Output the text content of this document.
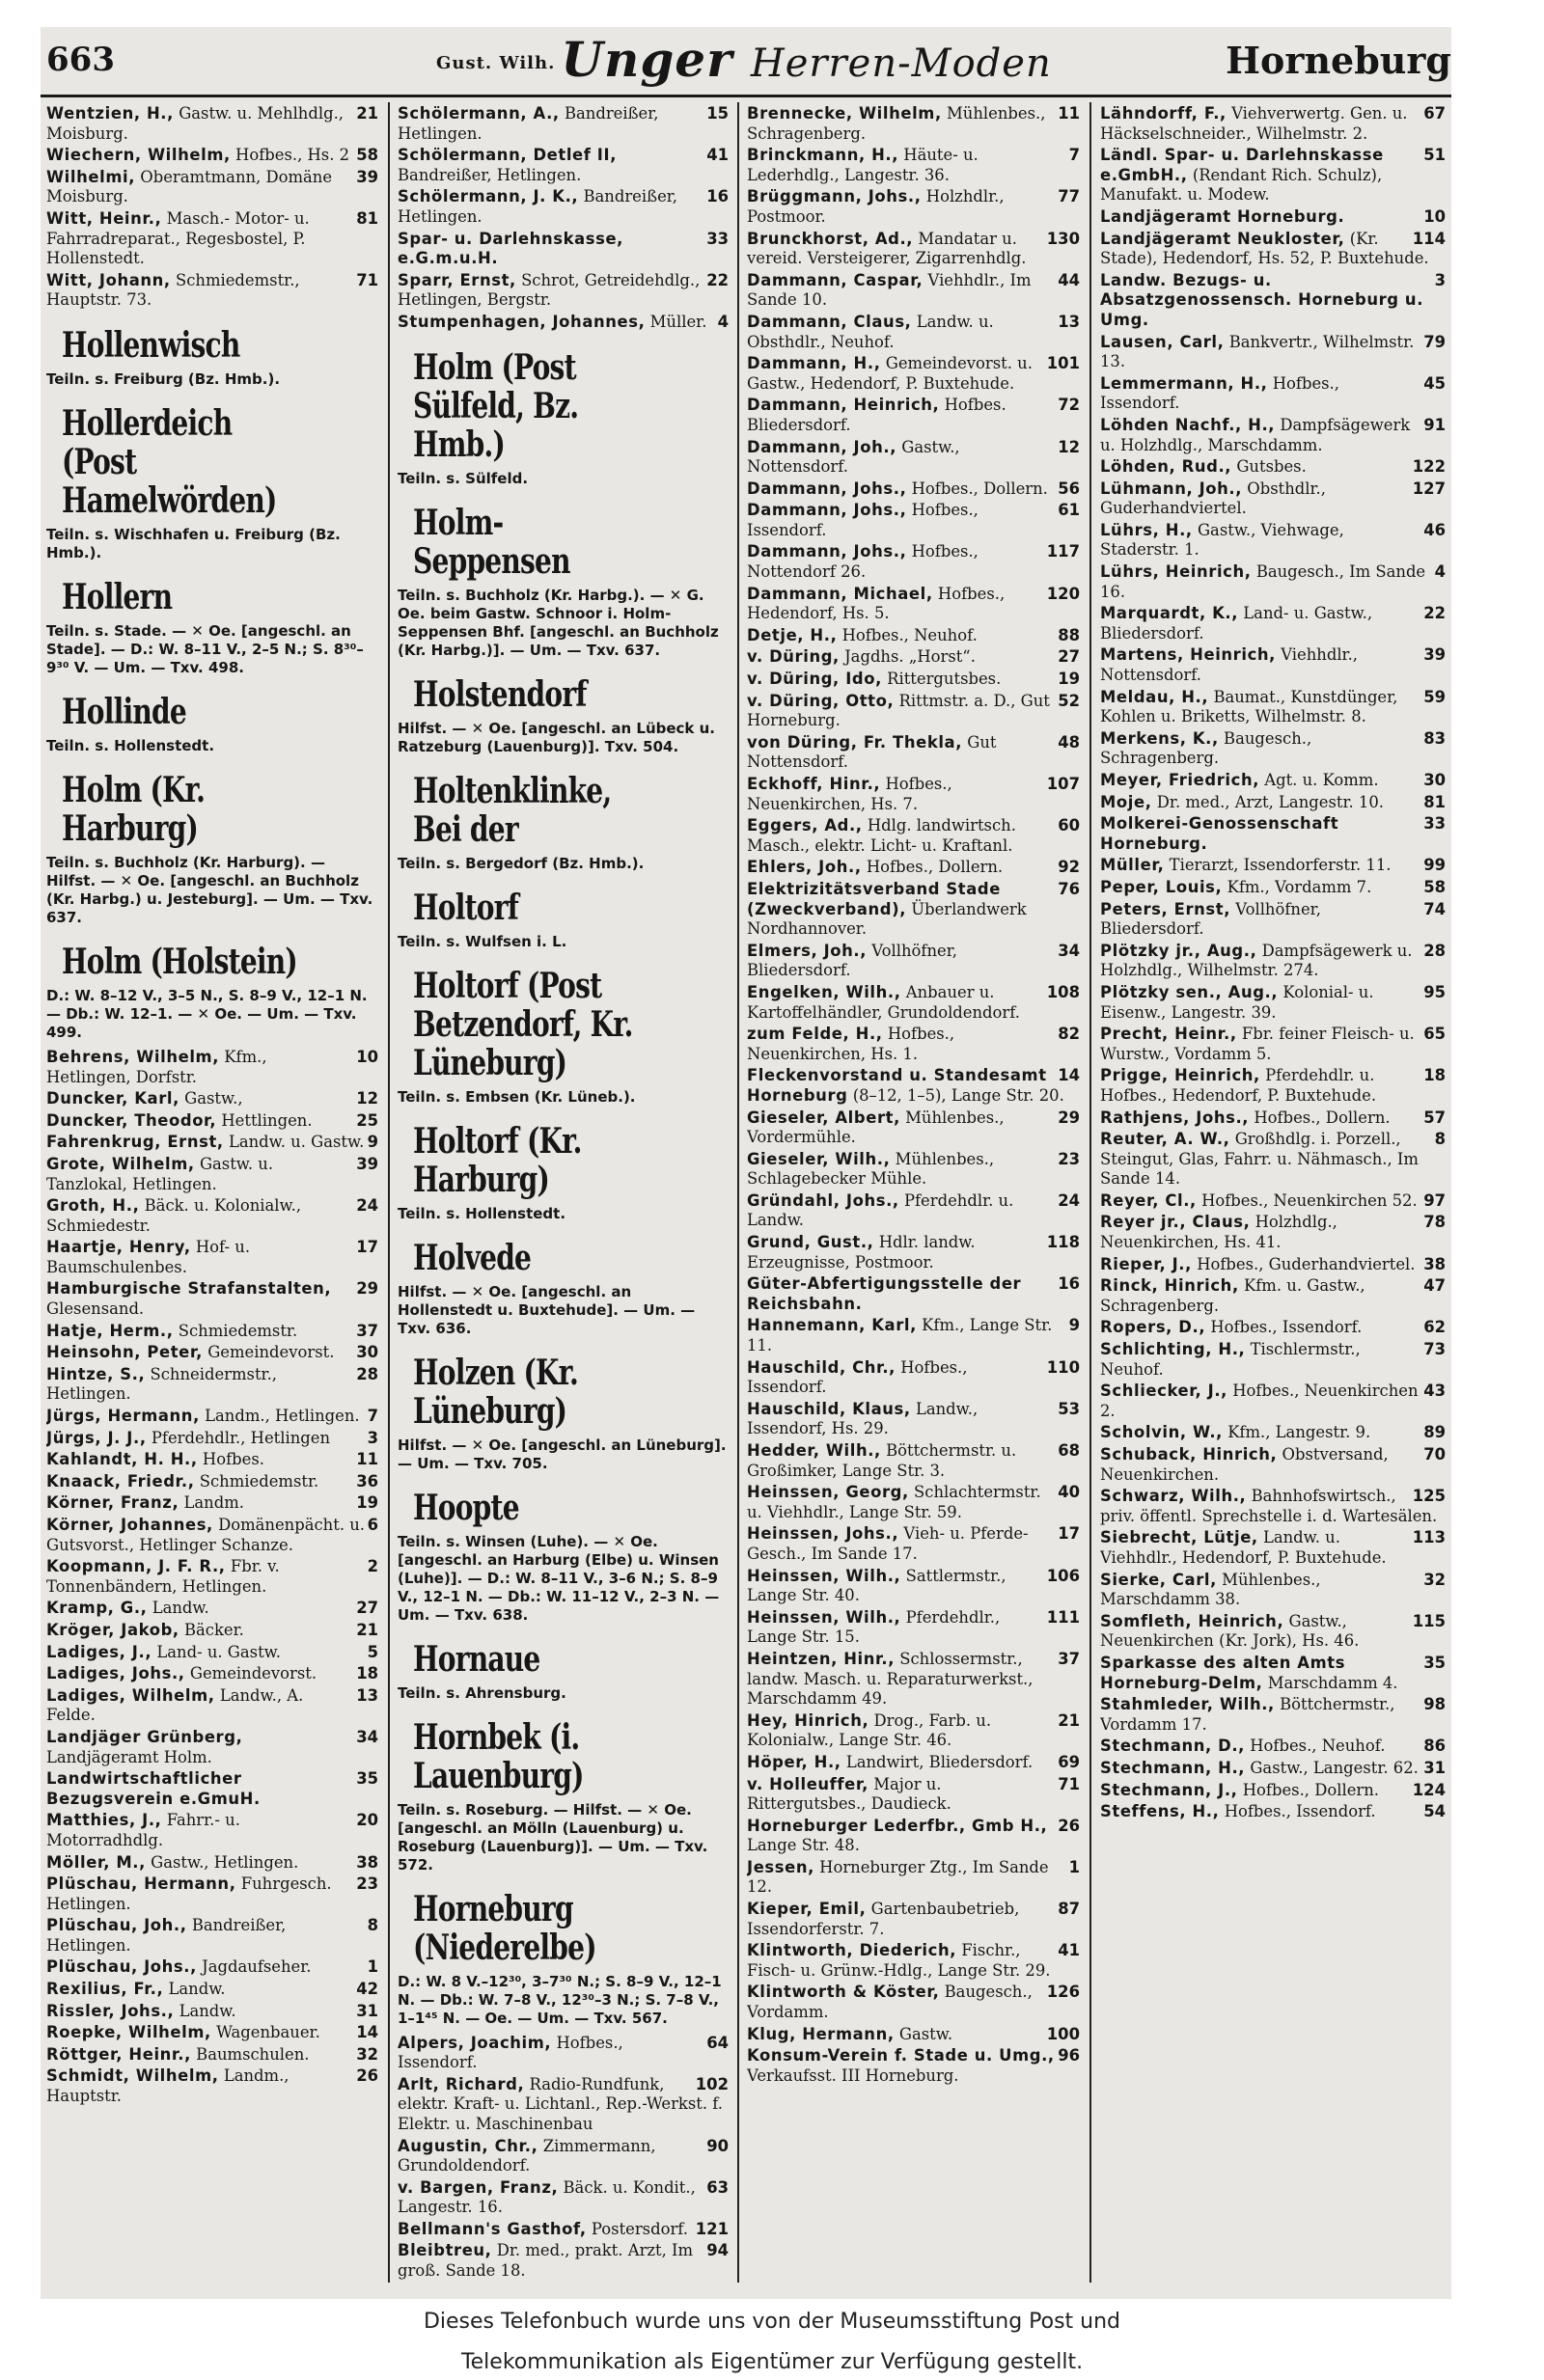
663	Gust. Wilh. Unger Herren-Moden	Horneburg
21
Wentzien, H., Gastw. u. Mehlhdlg., Moisburg.
58
Wiechern, Wilhelm, Hofbes., Hs. 2
39
Wilhelmi, Oberamtmann, Domäne Moisburg.
81
Witt, Heinr., Masch.- Motor- u. Fahrradreparat., Regesbostel, P. Hollenstedt.
71
Witt, Johann, Schmiedemstr., Hauptstr. 73.
Hollenwisch
Teiln. s. Freiburg (Bz. Hmb.).
Hollerdeich (Post Hamelwörden)
Teiln. s. Wischhafen u. Freiburg (Bz. Hmb.).
Hollern
Teiln. s. Stade. — ✕ Oe. [angeschl. an Stade]. — D.: W. 8–11 V., 2–5 N.; S. 8³⁰–9³⁰ V. — Um. — Txv. 498.
Hollinde
Teiln. s. Hollenstedt.
Holm (Kr. Harburg)
Teiln. s. Buchholz (Kr. Harburg). — Hilfst. — ✕ Oe. [angeschl. an Buchholz (Kr. Harbg.) u. Jesteburg]. — Um. — Txv. 637.
Holm (Holstein)
D.: W. 8–12 V., 3–5 N., S. 8–9 V., 12–1 N. — Db.: W. 12–1. — ✕ Oe. — Um. — Txv. 499.
10
Behrens, Wilhelm, Kfm., Hetlingen, Dorfstr.
12
Duncker, Karl, Gastw.,
25
Duncker, Theodor, Hettlingen.
9
Fahrenkrug, Ernst, Landw. u. Gastw.
39
Grote, Wilhelm, Gastw. u. Tanzlokal, Hetlingen.
24
Groth, H., Bäck. u. Kolonialw., Schmiedestr.
17
Haartje, Henry, Hof- u. Baumschulenbes.
29
Hamburgische Strafanstalten, Glesensand.
37
Hatje, Herm., Schmiedemstr.
30
Heinsohn, Peter, Gemeindevorst.
28
Hintze, S., Schneidermstr., Hetlingen.
7
Jürgs, Hermann, Landm., Hetlingen.
3
Jürgs, J. J., Pferdehdlr., Hetlingen
11
Kahlandt, H. H., Hofbes.
36
Knaack, Friedr., Schmiedemstr.
19
Körner, Franz, Landm.
6
Körner, Johannes, Domänenpächt. u. Gutsvorst., Hetlinger Schanze.
2
Koopmann, J. F. R., Fbr. v. Tonnenbändern, Hetlingen.
27
Kramp, G., Landw.
21
Kröger, Jakob, Bäcker.
5
Ladiges, J., Land- u. Gastw.
18
Ladiges, Johs., Gemeindevorst.
13
Ladiges, Wilhelm, Landw., A. Felde.
34
Landjäger Grünberg, Landjägeramt Holm.
35
Landwirtschaftlicher Bezugsverein e.GmuH.
20
Matthies, J., Fahrr.- u. Motorradhdlg.
38
Möller, M., Gastw., Hetlingen.
23
Plüschau, Hermann, Fuhrgesch. Hetlingen.
8
Plüschau, Joh., Bandreißer, Hetlingen.
1
Plüschau, Johs., Jagdaufseher.
42
Rexilius, Fr., Landw.
31
Rissler, Johs., Landw.
14
Roepke, Wilhelm, Wagenbauer.
32
Röttger, Heinr., Baumschulen.
26
Schmidt, Wilhelm, Landm., Hauptstr.
15
Schölermann, A., Bandreißer, Hetlingen.
41
Schölermann, Detlef II, Bandreißer, Hetlingen.
16
Schölermann, J. K., Bandreißer, Hetlingen.
33
Spar- u. Darlehnskasse, e.G.m.u.H.
22
Sparr, Ernst, Schrot, Getreidehdlg., Hetlingen, Bergstr.
4
Stumpenhagen, Johannes, Müller.
Holm (Post Sülfeld, Bz. Hmb.)
Teiln. s. Sülfeld.
Holm-Seppensen
Teiln. s. Buchholz (Kr. Harbg.). — ✕ G. Oe. beim Gastw. Schnoor i. Holm-Seppensen Bhf. [angeschl. an Buchholz (Kr. Harbg.)]. — Um. — Txv. 637.
Holstendorf
Hilfst. — ✕ Oe. [angeschl. an Lübeck u. Ratzeburg (Lauenburg)]. Txv. 504.
Holtenklinke, Bei der
Teiln. s. Bergedorf (Bz. Hmb.).
Holtorf
Teiln. s. Wulfsen i. L.
Holtorf (Post Betzendorf, Kr. Lüneburg)
Teiln. s. Embsen (Kr. Lüneb.).
Holtorf (Kr. Harburg)
Teiln. s. Hollenstedt.
Holvede
Hilfst. — ✕ Oe. [angeschl. an Hollenstedt u. Buxtehude]. — Um. — Txv. 636.
Holzen (Kr. Lüneburg)
Hilfst. — ✕ Oe. [angeschl. an Lüneburg]. — Um. — Txv. 705.
Hoopte
Teiln. s. Winsen (Luhe). — ✕ Oe. [angeschl. an Harburg (Elbe) u. Winsen (Luhe)]. — D.: W. 8–11 V., 3–6 N.; S. 8–9 V., 12–1 N. — Db.: W. 11–12 V., 2–3 N. — Um. — Txv. 638.
Hornaue
Teiln. s. Ahrensburg.
Hornbek (i. Lauenburg)
Teiln. s. Roseburg. — Hilfst. — ✕ Oe. [angeschl. an Mölln (Lauenburg) u. Roseburg (Lauenburg)]. — Um. — Txv. 572.
Horneburg (Niederelbe)
D.: W. 8 V.–12³⁰, 3–7³⁰ N.; S. 8–9 V., 12–1 N. — Db.: W. 7–8 V., 12³⁰–3 N.; S. 7–8 V., 1–1⁴⁵ N. — Oe. — Um. — Txv. 567.
64
Alpers, Joachim, Hofbes., Issendorf.
102
Arlt, Richard, Radio-Rundfunk, elektr. Kraft- u. Lichtanl., Rep.-Werkst. f. Elektr. u. Maschinenbau
90
Augustin, Chr., Zimmermann, Grundoldendorf.
63
v. Bargen, Franz, Bäck. u. Kondit., Langestr. 16.
121
Bellmann's Gasthof, Postersdorf.
94
Bleibtreu, Dr. med., prakt. Arzt, Im groß. Sande 18.
11
Brennecke, Wilhelm, Mühlenbes., Schragenberg.
7
Brinckmann, H., Häute- u. Lederhdlg., Langestr. 36.
77
Brüggmann, Johs., Holzhdlr., Postmoor.
130
Brunckhorst, Ad., Mandatar u. vereid. Versteigerer, Zigarrenhdlg.
44
Dammann, Caspar, Viehhdlr., Im Sande 10.
13
Dammann, Claus, Landw. u. Obsthdlr., Neuhof.
101
Dammann, H., Gemeindevorst. u. Gastw., Hedendorf, P. Buxtehude.
72
Dammann, Heinrich, Hofbes. Bliedersdorf.
12
Dammann, Joh., Gastw., Nottensdorf.
56
Dammann, Johs., Hofbes., Dollern.
61
Dammann, Johs., Hofbes., Issendorf.
117
Dammann, Johs., Hofbes., Nottendorf 26.
120
Dammann, Michael, Hofbes., Hedendorf, Hs. 5.
88
Detje, H., Hofbes., Neuhof.
27
v. Düring, Jagdhs. „Horst“.
19
v. Düring, Ido, Rittergutsbes.
52
v. Düring, Otto, Rittmstr. a. D., Gut Horneburg.
48
von Düring, Fr. Thekla, Gut Nottensdorf.
107
Eckhoff, Hinr., Hofbes., Neuenkirchen, Hs. 7.
60
Eggers, Ad., Hdlg. landwirtsch. Masch., elektr. Licht- u. Kraftanl.
92
Ehlers, Joh., Hofbes., Dollern.
76
Elektrizitätsverband Stade (Zweckverband), Überlandwerk Nordhannover.
34
Elmers, Joh., Vollhöfner, Bliedersdorf.
108
Engelken, Wilh., Anbauer u. Kartoffelhändler, Grundoldendorf.
82
zum Felde, H., Hofbes., Neuenkirchen, Hs. 1.
14
Fleckenvorstand u. Standesamt Horneburg (8–12, 1–5), Lange Str. 20.
29
Gieseler, Albert, Mühlenbes., Vordermühle.
23
Gieseler, Wilh., Mühlenbes., Schlagebecker Mühle.
24
Gründahl, Johs., Pferdehdlr. u. Landw.
118
Grund, Gust., Hdlr. landw. Erzeugnisse, Postmoor.
16
Güter-Abfertigungsstelle der Reichsbahn.
9
Hannemann, Karl, Kfm., Lange Str. 11.
110
Hauschild, Chr., Hofbes., Issendorf.
53
Hauschild, Klaus, Landw., Issendorf, Hs. 29.
68
Hedder, Wilh., Böttchermstr. u. Großimker, Lange Str. 3.
40
Heinssen, Georg, Schlachtermstr. u. Viehhdlr., Lange Str. 59.
17
Heinssen, Johs., Vieh- u. Pferde-Gesch., Im Sande 17.
106
Heinssen, Wilh., Sattlermstr., Lange Str. 40.
111
Heinssen, Wilh., Pferdehdlr., Lange Str. 15.
37
Heintzen, Hinr., Schlossermstr., landw. Masch. u. Reparaturwerkst., Marschdamm 49.
21
Hey, Hinrich, Drog., Farb. u. Kolonialw., Lange Str. 46.
69
Höper, H., Landwirt, Bliedersdorf.
71
v. Holleuffer, Major u. Rittergutsbes., Daudieck.
26
Horneburger Lederfbr., Gmb H., Lange Str. 48.
1
Jessen, Horneburger Ztg., Im Sande 12.
87
Kieper, Emil, Gartenbaubetrieb, Issendorferstr. 7.
41
Klintworth, Diederich, Fischr., Fisch- u. Grünw.-Hdlg., Lange Str. 29.
126
Klintworth & Köster, Baugesch., Vordamm.
100
Klug, Hermann, Gastw.
96
Konsum-Verein f. Stade u. Umg., Verkaufsst. III Horneburg.
67
Lähndorff, F., Viehverwertg. Gen. u. Häckselschneider., Wilhelmstr. 2.
51
Ländl. Spar- u. Darlehnskasse e.GmbH., (Rendant Rich. Schulz), Manufakt. u. Modew.
10
Landjägeramt Horneburg.
114
Landjägeramt Neukloster, (Kr. Stade), Hedendorf, Hs. 52, P. Buxtehude.
3
Landw. Bezugs- u. Absatzgenossensch. Horneburg u. Umg.
79
Lausen, Carl, Bankvertr., Wilhelmstr. 13.
45
Lemmermann, H., Hofbes., Issendorf.
91
Löhden Nachf., H., Dampfsägewerk u. Holzhdlg., Marschdamm.
122
Löhden, Rud., Gutsbes.
127
Lühmann, Joh., Obsthdlr., Guderhandviertel.
46
Lührs, H., Gastw., Viehwage, Staderstr. 1.
4
Lührs, Heinrich, Baugesch., Im Sande 16.
22
Marquardt, K., Land- u. Gastw., Bliedersdorf.
39
Martens, Heinrich, Viehhdlr., Nottensdorf.
59
Meldau, H., Baumat., Kunstdünger, Kohlen u. Briketts, Wilhelmstr. 8.
83
Merkens, K., Baugesch., Schragenberg.
30
Meyer, Friedrich, Agt. u. Komm.
81
Moje, Dr. med., Arzt, Langestr. 10.
33
Molkerei-Genossenschaft Horneburg.
99
Müller, Tierarzt, Issendorferstr. 11.
58
Peper, Louis, Kfm., Vordamm 7.
74
Peters, Ernst, Vollhöfner, Bliedersdorf.
28
Plötzky jr., Aug., Dampfsägewerk u. Holzhdlg., Wilhelmstr. 274.
95
Plötzky sen., Aug., Kolonial- u. Eisenw., Langestr. 39.
65
Precht, Heinr., Fbr. feiner Fleisch- u. Wurstw., Vordamm 5.
18
Prigge, Heinrich, Pferdehdlr. u. Hofbes., Hedendorf, P. Buxtehude.
57
Rathjens, Johs., Hofbes., Dollern.
8
Reuter, A. W., Großhdlg. i. Porzell., Steingut, Glas, Fahrr. u. Nähmasch., Im Sande 14.
97
Reyer, Cl., Hofbes., Neuenkirchen 52.
78
Reyer jr., Claus, Holzhdlg., Neuenkirchen, Hs. 41.
38
Rieper, J., Hofbes., Guderhandviertel.
47
Rinck, Hinrich, Kfm. u. Gastw., Schragenberg.
62
Ropers, D., Hofbes., Issendorf.
73
Schlichting, H., Tischlermstr., Neuhof.
43
Schliecker, J., Hofbes., Neuenkirchen 2.
89
Scholvin, W., Kfm., Langestr. 9.
70
Schuback, Hinrich, Obstversand, Neuenkirchen.
125
Schwarz, Wilh., Bahnhofswirtsch., priv. öffentl. Sprechstelle i. d. Wartesälen.
113
Siebrecht, Lütje, Landw. u. Viehhdlr., Hedendorf, P. Buxtehude.
32
Sierke, Carl, Mühlenbes., Marschdamm 38.
115
Somfleth, Heinrich, Gastw., Neuenkirchen (Kr. Jork), Hs. 46.
35
Sparkasse des alten Amts Horneburg-Delm, Marschdamm 4.
98
Stahmleder, Wilh., Böttchermstr., Vordamm 17.
86
Stechmann, D., Hofbes., Neuhof.
31
Stechmann, H., Gastw., Langestr. 62.
124
Stechmann, J., Hofbes., Dollern.
54
Steffens, H., Hofbes., Issendorf.
Dieses Telefonbuch wurde uns von der Museumsstiftung Post und
Telekommunikation als Eigentümer zur Verfügung gestellt.
